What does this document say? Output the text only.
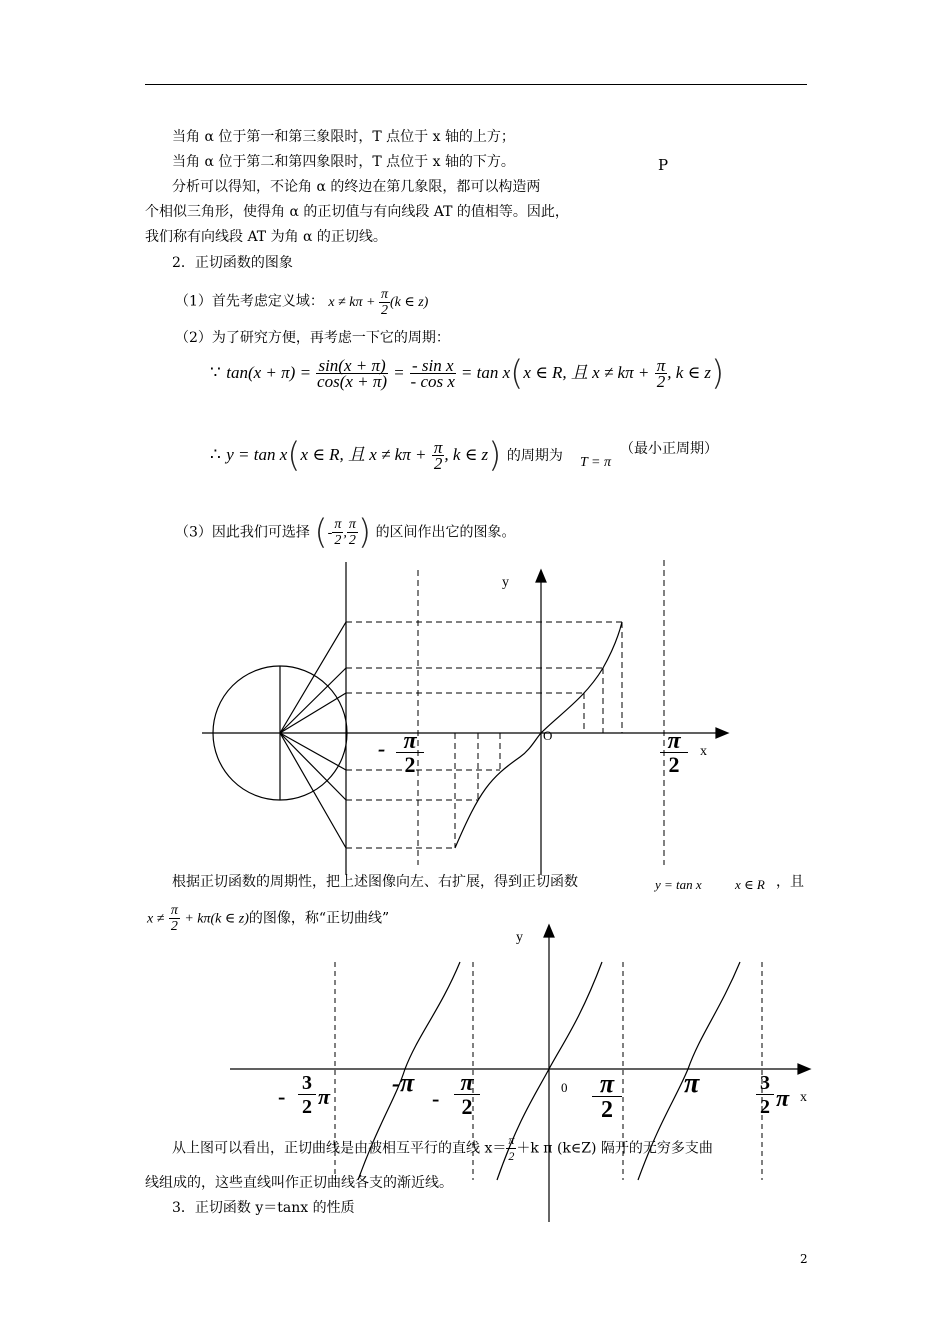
当角 α 位于第一和第三象限时，T 点位于 x 轴的上方；
当角 α 位于第二和第四象限时，T 点位于 x 轴的下方。	P
分析可以得知，不论角 α 的终边在第几象限，都可以构造两
个相似三角形，使得角 α 的正切值与有向线段 AT 的值相等。因此，
我们称有向线段 AT 为角 α 的正切线。
2．正切函数的图象
（1）首先考虑定义域： $x \ne k\pi + \frac{\pi}{2} (k$ ∈ z)
（2）为了研究方便，再考虑一下它的周期：
∵ $\tan(x + \pi) = \frac{\sin(x + \pi)}{\cos(x + \pi)} = \frac{\text{- sin x}}{\text{- cos x}} = \tan x(x$ ∈ R, 且 $x \ne k\pi + \frac{\pi}{2}$ , k ∈ z)
∴ y = tan x(x ∈ R, 且 $x \ne k\pi + \frac{\pi}{2}$ , k ∈ z) 的周期为 T = π
（最小正周期）
（3）因此我们可选择 (- $\frac{\pi}{2}$ , $\frac{\pi}{2}$ ) 的区间作出它的图象。
y
x
O
- π
2
π
2
根据正切函数的周期性，把上述图像向左、右扩展，得到正切函数	y = tan x	x ∈ R ，且
$x \ne \frac{\pi}{2} + k\pi(k$ ∈ z)的图像，称“正切曲线”
y
x
0
-
3
2 π	-π
-
π
2
π
2
π	3
2 π
从上图可以看出，正切曲线是由被相互平行的直线 $x= \frac{\pi}{2} +k$ π (k∈Z) 隔开的无穷多支曲
线组成的，这些直线叫作正切曲线各支的渐近线。
3．正切函数 y＝tanx 的性质
2
